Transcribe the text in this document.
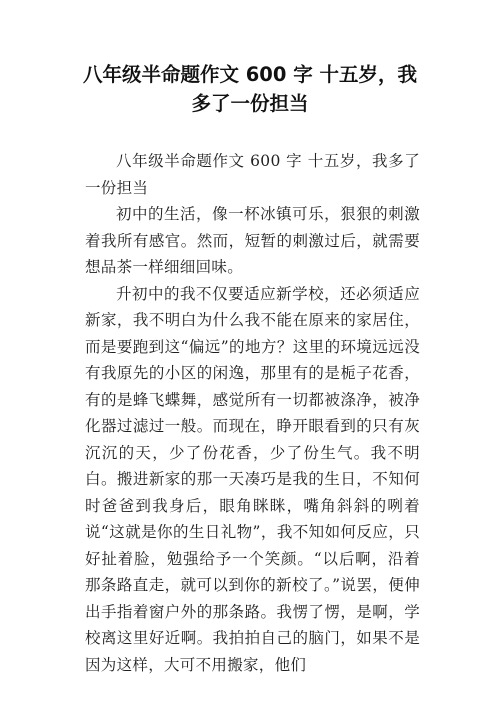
八年级半命题作文 600 字 十五岁，我
多了一份担当

八年级半命题作文 600 字 十五岁，我多了一份担当

初中的生活，像一杯冰镇可乐，狠狠的刺激着我所有感官。然而，短暂的刺激过后，就需要想品茶一样细细回味。

升初中的我不仅要适应新学校，还必须适应新家，我不明白为什么我不能在原来的家居住，而是要跑到这“偏远”的地方？这里的环境远远没有我原先的小区的闲逸，那里有的是栀子花香，有的是蜂飞蝶舞，感觉所有一切都被涤净，被净化器过滤过一般。而现在，睁开眼看到的只有灰沉沉的天，少了份花香，少了份生气。我不明白。搬进新家的那一天凑巧是我的生日，不知何时爸爸到我身后，眼角眯眯，嘴角斜斜的咧着说“这就是你的生日礼物”，我不知如何反应，只好扯着脸，勉强给予一个笑颜。“以后啊，沿着那条路直走，就可以到你的新校了。”说罢，便伸出手指着窗户外的那条路。我愣了愣，是啊，学校离这里好近啊。我拍拍自己的脑门，如果不是因为这样，大可不用搬家，他们
